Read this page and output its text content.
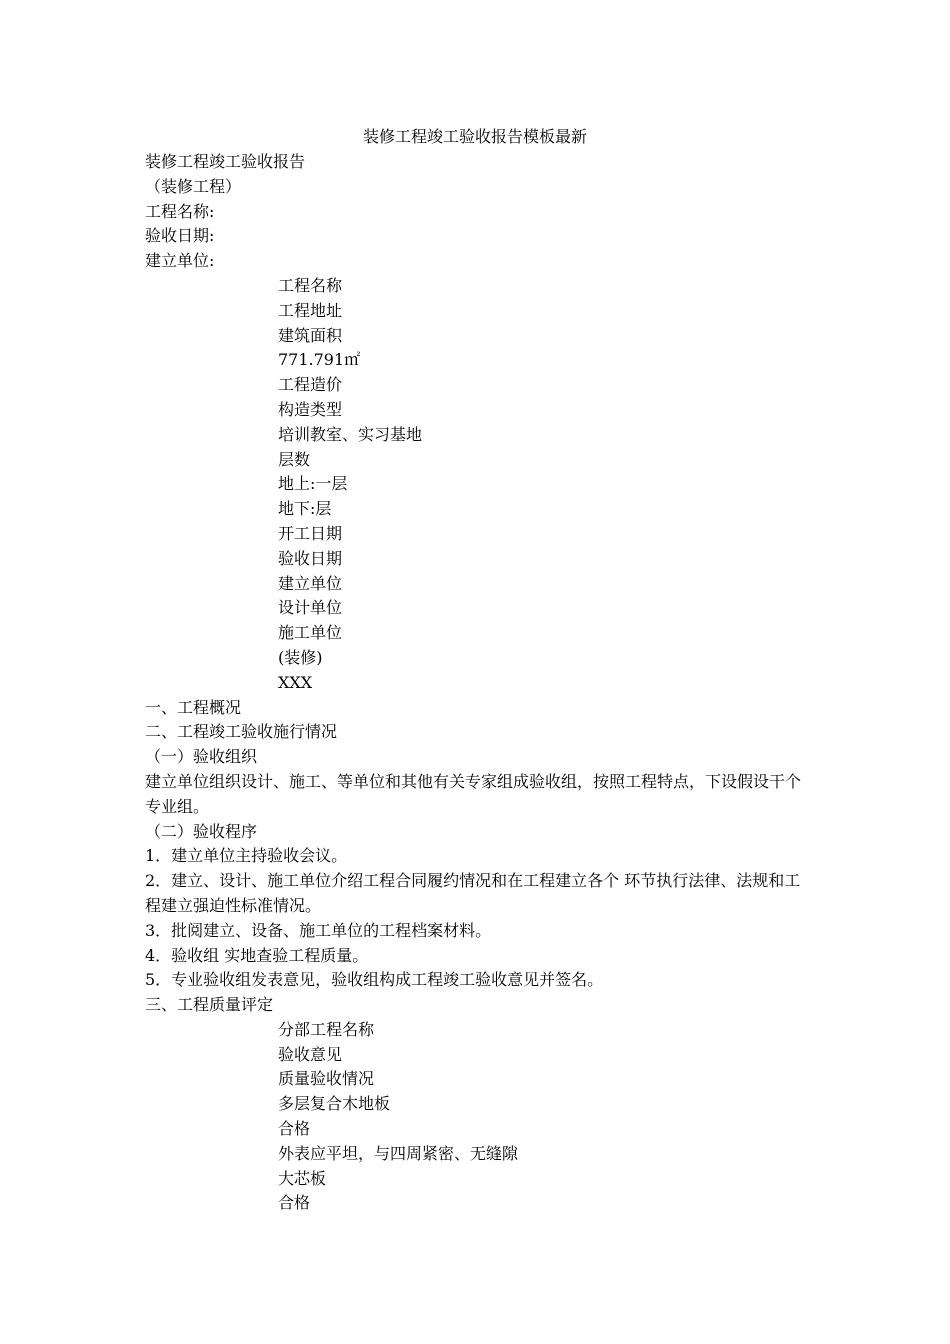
装修工程竣工验收报告模板最新
装修工程竣工验收报告
（装修工程）
工程名称:
验收日期:
建立单位:
工程名称
工程地址
建筑面积
771.791㎡
工程造价
构造类型
培训教室、实习基地
层数
地上:一层
地下:层
开工日期
验收日期
建立单位
设计单位
施工单位
(装修)
XXX
一、工程概况
二、工程竣工验收施行情况
（一）验收组织
建立单位组织设计、施工、等单位和其他有关专家组成验收组，按照工程特点，下设假设干个专业组。
（二）验收程序
1．建立单位主持验收会议。
2．建立、设计、施工单位介绍工程合同履约情况和在工程建立各个 环节执行法律、法规和工程建立强迫性标准情况。
3．批阅建立、设备、施工单位的工程档案材料。
4．验收组 实地查验工程质量。
5．专业验收组发表意见，验收组构成工程竣工验收意见并签名。
三、工程质量评定
分部工程名称
验收意见
质量验收情况
多层复合木地板
合格
外表应平坦，与四周紧密、无缝隙
大芯板
合格
